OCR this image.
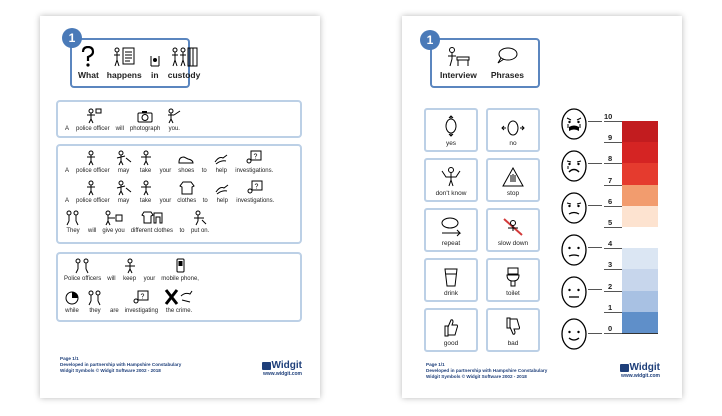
1
What happens in custody
A police officer will photograph you.
A police officer may take your shoes to help
?
investigations.
A police officer may take your clothes to help
?
investigations.
They will give you different clothes to put on.
Police officers will keep your mobile phone,
while they are
?
investigating the crime.
Page 1/1
Developed in partnership with Hampshire Constabulary
Widgit Symbols © Widgit Software 2002 - 2018	Widgit
www.widgit.com
1
Interview Phrases
yes	no
don't know	stop
repeat	slow down
drink	toilet
good	bad
10
9
8
7
6
5
4
3
2
1
0
Page 1/1
Developed in partnership with Hampshire Constabulary
Widgit Symbols © Widgit Software 2002 - 2018
Widgit
www.widgit.com
